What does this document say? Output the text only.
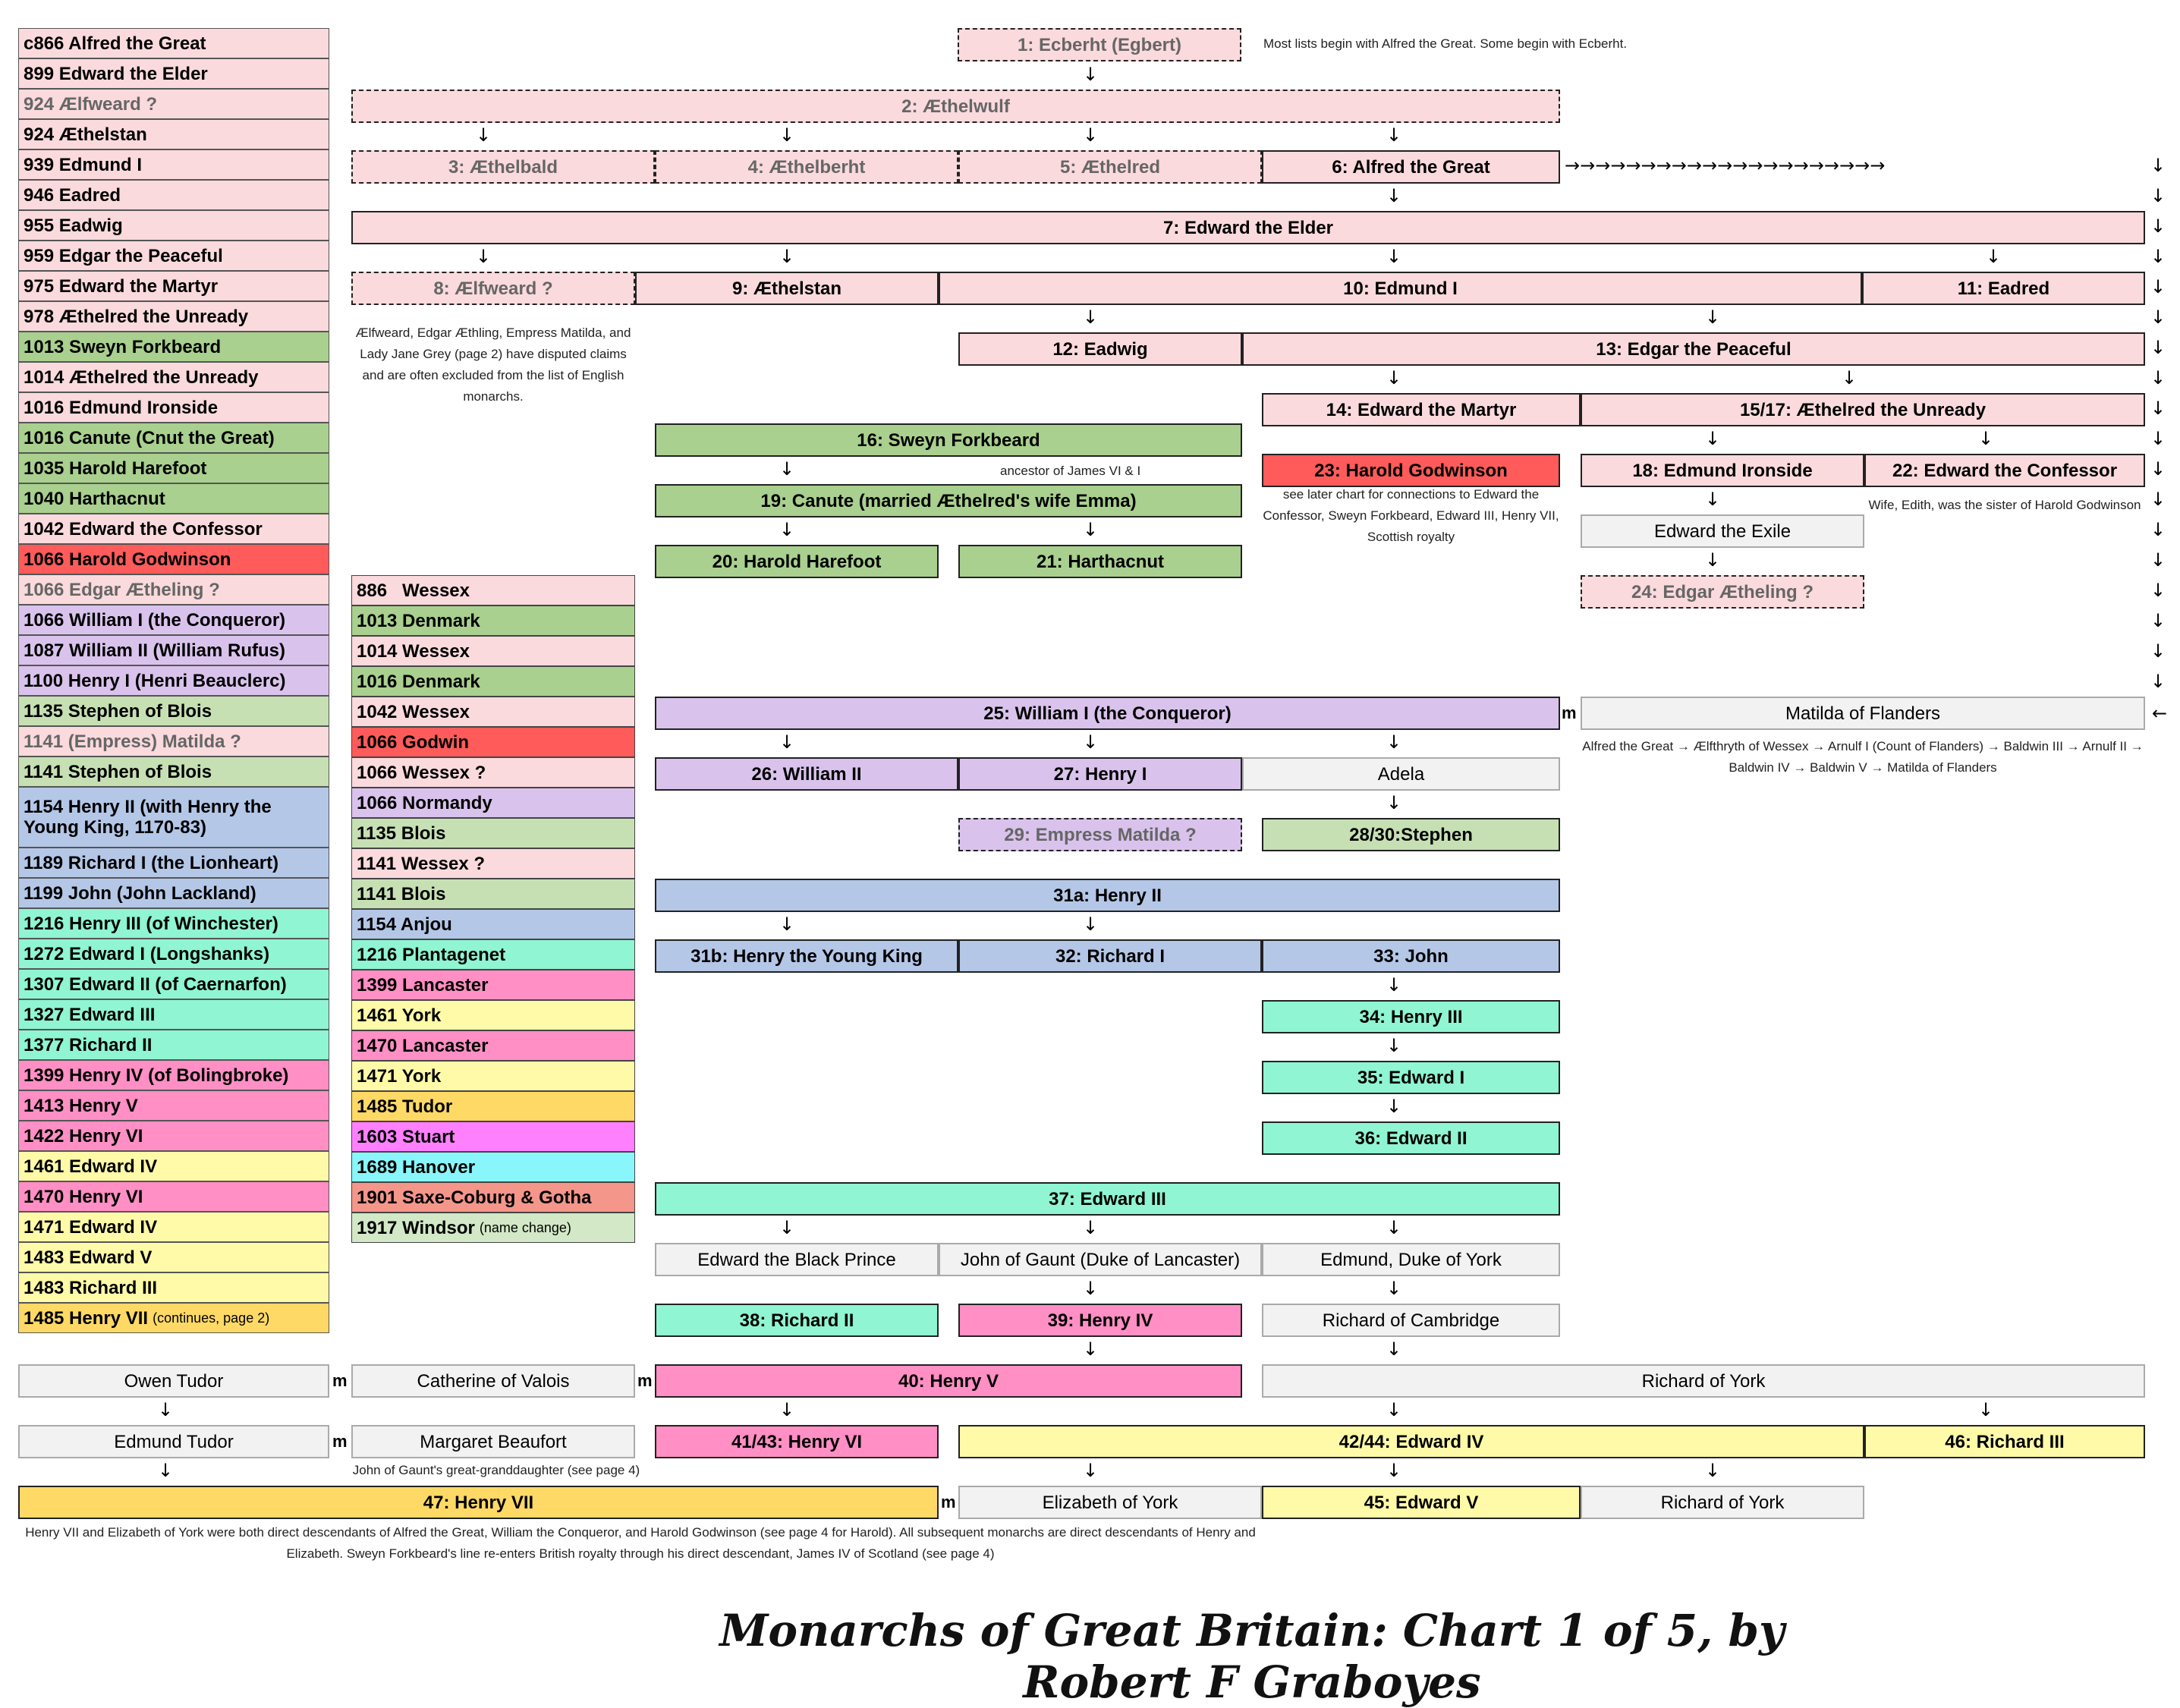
c866 Alfred the Great
899 Edward the Elder
924 Ælfweard ?
924 Æthelstan
939 Edmund I
946 Eadred
955 Eadwig
959 Edgar the Peaceful
975 Edward the Martyr
978 Æthelred the Unready
1013 Sweyn Forkbeard
1014 Æthelred the Unready
1016 Edmund Ironside
1016 Canute (Cnut the Great)
1035 Harold Harefoot
1040 Harthacnut
1042 Edward the Confessor
1066 Harold Godwinson
1066 Edgar Ætheling ?
1066 William I (the Conqueror)
1087 William II (William Rufus)
1100 Henry I (Henri Beauclerc)
1135 Stephen of Blois
1141 (Empress) Matilda ?
1141 Stephen of Blois
1154 Henry II (with Henry the Young King, 1170-83)
1189 Richard I (the Lionheart)
1199 John (John Lackland)
1216 Henry III (of Winchester)
1272 Edward I (Longshanks)
1307 Edward II (of Caernarfon)
1327 Edward III
1377 Richard II
1399 Henry IV (of Bolingbroke)
1413 Henry V
1422 Henry VI
1461 Edward IV
1470 Henry VI
1471 Edward IV
1483 Edward V
1483 Richard III
1485 Henry VII (continues, page 2)
886   Wessex
1013 Denmark
1014 Wessex
1016 Denmark
1042 Wessex
1066 Godwin
1066 Wessex ?
1066 Normandy
1135 Blois
1141 Wessex ?
1141 Blois
1154 Anjou
1216 Plantagenet
1399 Lancaster
1461 York
1470 Lancaster
1471 York
1485 Tudor
1603 Stuart
1689 Hanover
1901 Saxe-Coburg & Gotha
1917 Windsor (name change)
1: Ecberht (Egbert)
2: Æthelwulf
3: Æthelbald	4: Æthelberht	5: Æthelred	6: Alfred the Great
7: Edward the Elder
8: Ælfweard ?	9: Æthelstan	10: Edmund I	11: Eadred
12: Eadwig	13: Edgar the Peaceful
14: Edward the Martyr	15/17: Æthelred the Unready
16: Sweyn Forkbeard
23: Harold Godwinson	18: Edmund Ironside	22: Edward the Confessor
19: Canute (married Æthelred's wife Emma)
20: Harold Harefoot	21: Harthacnut
Edward the Exile
24: Edgar Ætheling ?
25: William I (the Conqueror)	Matilda of Flanders
26: William II	27: Henry I	Adela
29: Empress Matilda ?	28/30:Stephen
31a: Henry II
31b: Henry the Young King	32: Richard I	33: John
34: Henry III
35: Edward I
36: Edward II
37: Edward III
Edward the Black Prince	John of Gaunt (Duke of Lancaster)	Edmund, Duke of York
38: Richard II	39: Henry IV	Richard of Cambridge
Owen Tudor	Catherine of Valois	40: Henry V	Richard of York
Edmund Tudor	Margaret Beaufort	41/43: Henry VI	42/44: Edward IV	46: Richard III
47: Henry VII	Elizabeth of York	45: Edward V	Richard of York
m
m	m
m
m
Most lists begin with Alfred the Great. Some begin with Ecberht.
Ælfweard, Edgar Æthling, Empress Matilda, and Lady Jane Grey (page 2) have disputed claims and are often excluded from the list of English monarchs.
ancestor of James VI & I
see later chart for connections to Edward the Confessor, Sweyn Forkbeard, Edward III, Henry VII, Scottish royalty
Wife, Edith, was the sister of Harold Godwinson
Alfred the Great → Ælfthryth of Wessex → Arnulf I (Count of Flanders) → Baldwin III → Arnulf II → Baldwin IV → Baldwin V → Matilda of Flanders
John of Gaunt's great-granddaughter (see page 4)
Henry VII and Elizabeth of York were both direct descendants of Alfred the Great, William the Conqueror, and Harold Godwinson (see page 4 for Harold). All subsequent monarchs are direct descendants of Henry and Elizabeth. Sweyn Forkbeard's line re-enters British royalty through his direct descendant, James IV of Scotland (see page 4)
Monarchs of Great Britain: Chart 1 of 5, by Robert F Graboyes
↓
↓	↓	↓	↓
↓
↓	↓	↓	↓
↓	↓
↓	↓
↓	↓
↓
↓	↓
↓
↓
↓	↓	↓
↓
↓	↓
↓
↓
↓
↓	↓	↓
↓	↓
↓	↓
↓	↓	↓
↓
↓	↓	↓	↓
↓
↓
↓
↓
↓
↓
↓
↓
↓
↓
↓
↓
↓
↓
↓
↓
↓
↓
→→→→→→→→→→→→→→→→→→→→→
←
